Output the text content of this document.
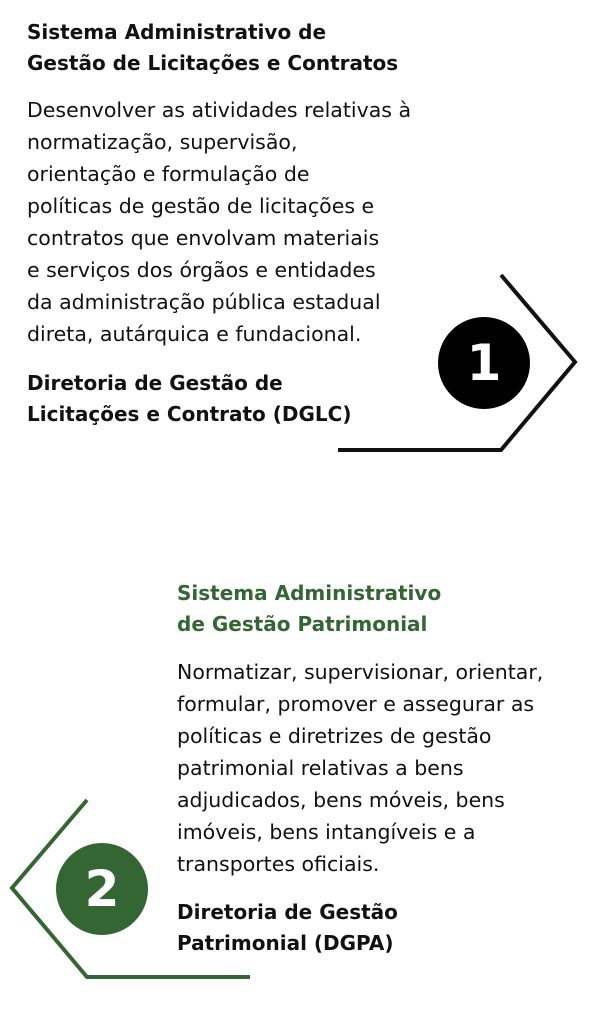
1
2
Sistema Administrativo de
Gestão de Licitações e Contratos

Desenvolver as atividades relativas à
normatização, supervisão,
orientação e formulação de
políticas de gestão de licitações e
contratos que envolvam materiais
e serviços dos órgãos e entidades
da administração pública estadual
direta, autárquica e fundacional.

Diretoria de Gestão de
Licitações e Contrato (DGLC)

Sistema Administrativo
de Gestão Patrimonial

Normatizar, supervisionar, orientar,
formular, promover e assegurar as
políticas e diretrizes de gestão
patrimonial relativas a bens
adjudicados, bens móveis, bens
imóveis, bens intangíveis e a
transportes oficiais.

Diretoria de Gestão
Patrimonial (DGPA)
